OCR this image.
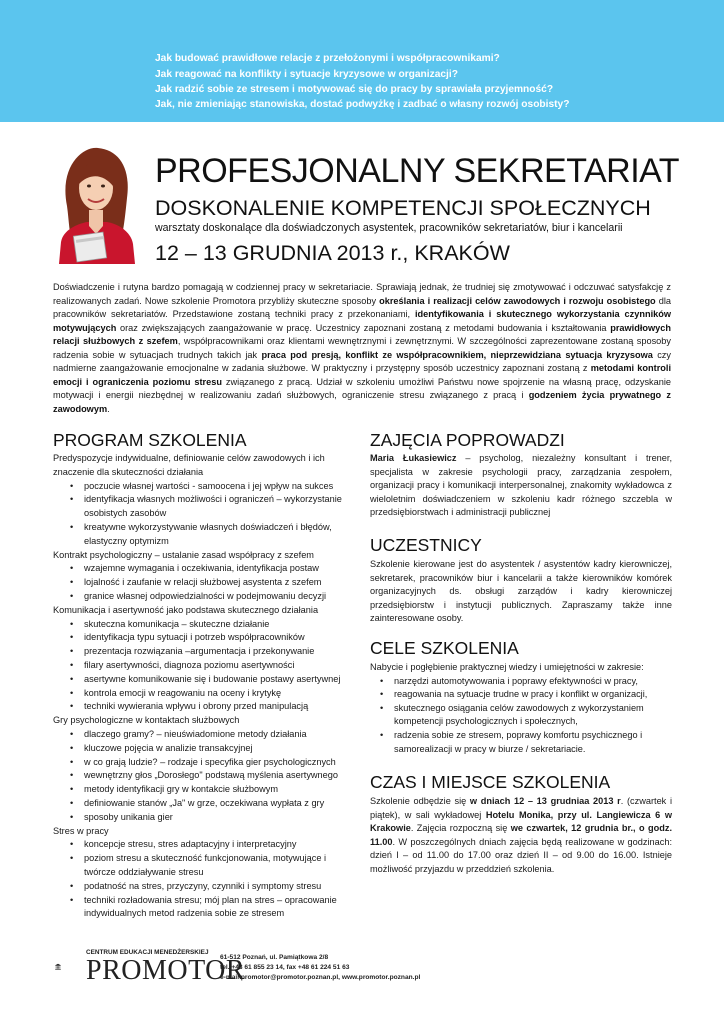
Jak budować prawidłowe relacje z przełożonymi i współpracownikami?
Jak reagować na konflikty i sytuacje kryzysowe w organizacji?
Jak radzić sobie ze stresem i motywować się do pracy by sprawiała przyjemność?
Jak, nie zmieniając stanowiska, dostać podwyżkę i zadbać o własny rozwój osobisty?
PROFESJONALNY SEKRETARIAT
DOSKONALENIE KOMPETENCJI SPOŁECZNYCH
warsztaty doskonalące dla doświadczonych asystentek, pracowników sekretariatów, biur i kancelarii
12 – 13 GRUDNIA 2013 r., KRAKÓW
Doświadczenie i rutyna bardzo pomagają w codziennej pracy w sekretariacie. Sprawiają jednak, że trudniej się zmotywować i odczuwać satysfakcję z realizowanych zadań. Nowe szkolenie Promotora przybliży skuteczne sposoby określania i realizacji celów zawodowych i rozwoju osobistego dla pracowników sekretariatów. Przedstawione zostaną techniki pracy z przekonaniami, identyfikowania i skutecznego wykorzystania czynników motywujących oraz zwiększających zaangażowanie w pracę. Uczestnicy zapoznani zostaną z metodami budowania i kształtowania prawidłowych relacji służbowych z szefem, współpracownikami oraz klientami wewnętrznymi i zewnętrznymi. W szczególności zaprezentowane zostaną sposoby radzenia sobie w sytuacjach trudnych takich jak praca pod presją, konflikt ze współpracownikiem, nieprzewidziana sytuacja kryzysowa czy nadmierne zaangażowanie emocjonalne w zadania służbowe. W praktyczny i przystępny sposób uczestnicy zapoznani zostaną z metodami kontroli emocji i ograniczenia poziomu stresu związanego z pracą. Udział w szkoleniu umożliwi Państwu nowe spojrzenie na własną pracę, odzyskanie motywacji i energii niezbędnej w realizowaniu zadań służbowych, ograniczenie stresu związanego z pracą i godzeniem życia prywatnego z zawodowym.
PROGRAM SZKOLENIA
Predyspozycje indywidualne, definiowanie celów zawodowych i ich znaczenie dla skuteczności działania
• poczucie własnej wartości - samoocena i jej wpływ na sukces
• identyfikacja własnych możliwości i ograniczeń – wykorzystanie osobistych zasobów
• kreatywne wykorzystywanie własnych doświadczeń i błędów, elastyczny optymizm
Kontrakt psychologiczny – ustalanie zasad współpracy z szefem
• wzajemne wymagania i oczekiwania, identyfikacja postaw
• lojalność i zaufanie w relacji służbowej asystenta z szefem
• granice własnej odpowiedzialności w podejmowaniu decyzji
Komunikacja i asertywność jako podstawa skutecznego działania
• skuteczna komunikacja – skuteczne działanie
• identyfikacja typu sytuacji i potrzeb współpracowników
• prezentacja rozwiązania –argumentacja i przekonywanie
• filary asertywności, diagnoza poziomu asertywności
• asertywne komunikowanie się i budowanie postawy asertywnej
• kontrola emocji w reagowaniu na oceny i krytykę
• techniki wywierania wpływu i obrony przed manipulacją
Gry psychologiczne w kontaktach służbowych
• dlaczego gramy? – nieuświadomione metody działania
• kluczowe pojęcia w analizie transakcyjnej
• w co grają ludzie? – rodzaje i specyfika gier psychologicznych
• wewnętrzny głos „Dorosłego" podstawą myślenia asertywnego
• metody identyfikacji gry w kontakcie służbowym
• definiowanie stanów „Ja" w grze, oczekiwana wypłata z gry
• sposoby unikania gier
Stres w pracy
• koncepcje stresu, stres adaptacyjny i interpretacyjny
• poziom stresu a skuteczność funkcjonowania, motywujące i twórcze oddziaływanie stresu
• podatność na stres, przyczyny, czynniki i symptomy stresu
• techniki rozładowania stresu; mój plan na stres – opracowanie indywidualnych metod radzenia sobie ze stresem
ZAJĘCIA POPROWADZI
Maria Łukasiewicz – psycholog, niezależny konsultant i trener, specjalista w zakresie psychologii pracy, zarządzania zespołem, organizacji pracy i komunikacji interpersonalnej, znakomity wykładowca z wieloletnim doświadczeniem w szkoleniu kadr różnego szczebla w przedsiębiorstwach i administracji publicznej
UCZESTNICY
Szkolenie kierowane jest do asystentek / asystentów kadry kierowniczej, sekretarek, pracowników biur i kancelarii a także kierowników komórek organizacyjnych ds. obsługi zarządów i kadry kierowniczej przedsiębiorstw i instytucji publicznych. Zapraszamy także inne zainteresowane osoby.
CELE SZKOLENIA
Nabycie i pogłębienie praktycznej wiedzy i umiejętności w zakresie:
• narzędzi automotywowania i poprawy efektywności w pracy,
• reagowania na sytuacje trudne w pracy i konflikt w organizacji,
• skutecznego osiągania celów zawodowych z wykorzystaniem kompetencji psychologicznych i społecznych,
• radzenia sobie ze stresem, poprawy komfortu psychicznego i samorealizacji w pracy w biurze / sekretariacie.
CZAS I MIEJSCE SZKOLENIA
Szkolenie odbędzie się w dniach 12 – 13 grudniaa 2013 r. (czwartek i piątek), w sali wykładowej Hotelu Monika, przy ul. Langiewicza 6 w Krakowie. Zajęcia rozpoczną się we czwartek, 12 grudnia br., o godz. 11.00. W poszczególnych dniach zajęcia będą realizowane w godzinach: dzień I – od 11.00 do 17.00 oraz dzień II – od 9.00 do 16.00. Istnieje możliwość przyjazdu w przeddzień szkolenia.
CENTRUM EDUKACJI MENEDŻERSKIEJ
PROMOTOR
61-512 Poznań, ul. Pamiątkowa 2/8
tel. +48 61 855 23 14, fax +48 61 224 51 63
e-mail promotor@promotor.poznan.pl, www.promotor.poznan.pl
